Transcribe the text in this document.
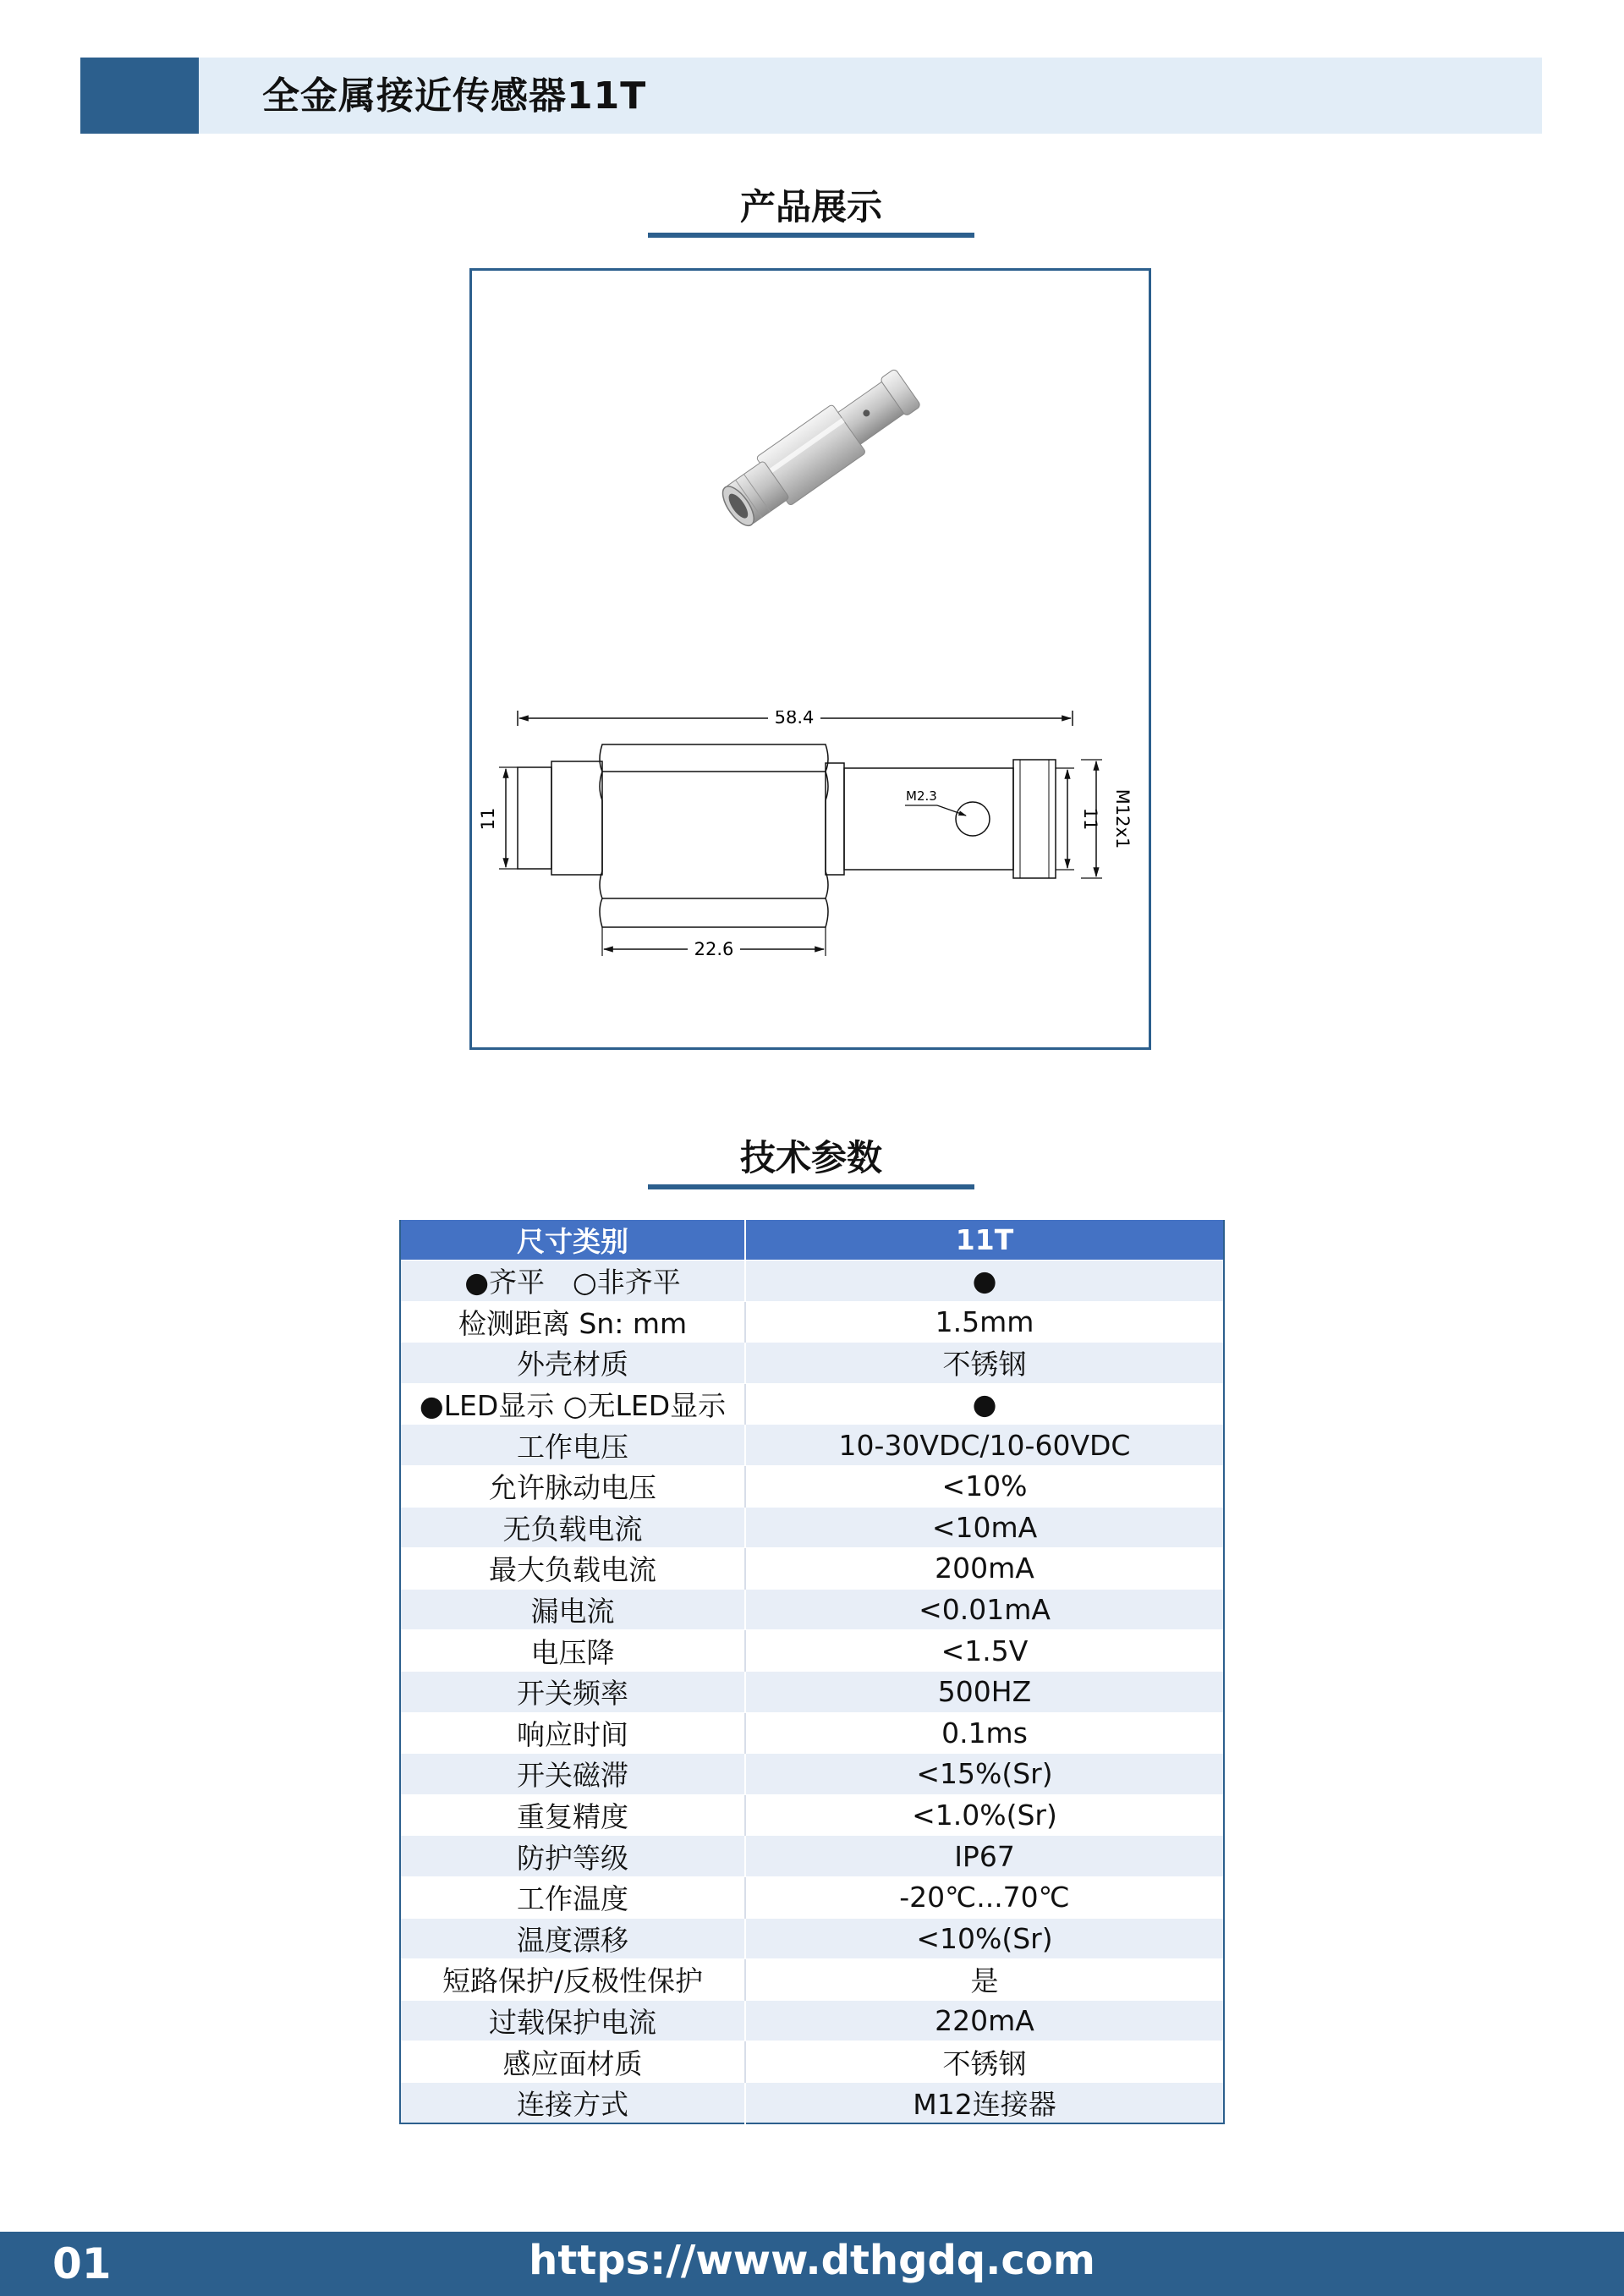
全金属接近传感器11T
产品展示
58.4
M2.3
11	11 M12x1
22.6
技术参数
尺寸类别	11T
●齐平　○非齐平	●
检测距离 Sn: mm	1.5mm
外壳材质	不锈钢
●LED显示 ○无LED显示	●
工作电压	10-30VDC/10-60VDC
允许脉动电压	<10%
无负载电流	<10mA
最大负载电流	200mA
漏电流	<0.01mA
电压降	<1.5V
开关频率	500HZ
响应时间	0.1ms
开关磁滞	<15%(Sr)
重复精度	<1.0%(Sr)
防护等级	IP67
工作温度	-20℃...70℃
温度漂移	<10%(Sr)
短路保护/反极性保护	是
过载保护电流	220mA
感应面材质	不锈钢
连接方式	M12连接器
01	https://www.dthgdq.com
